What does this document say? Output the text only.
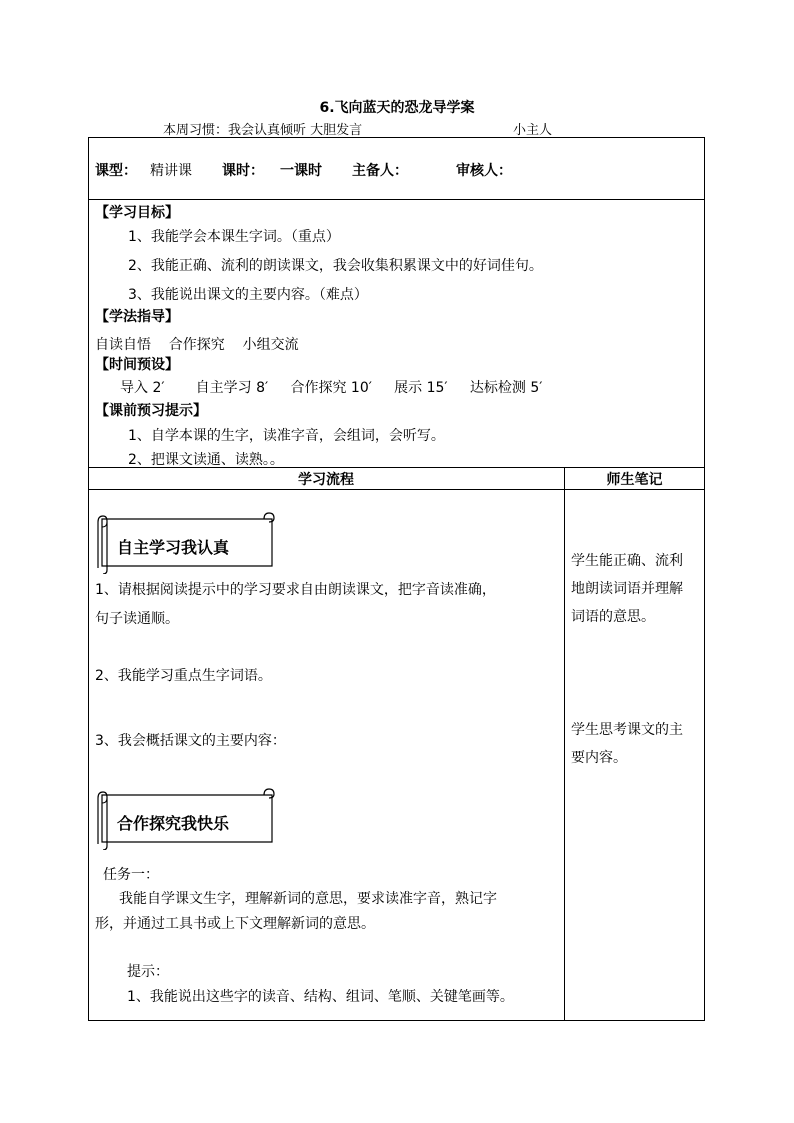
6.飞向蓝天的恐龙导学案
本周习惯：我会认真倾听 大胆发言	小主人
课型： 精讲课 课时： 一课时 主备人：	审核人：
【学习目标】
1、我能学会本课生字词。（重点）
2、我能正确、流利的朗读课文，我会收集积累课文中的好词佳句。
3、我能说出课文的主要内容。（难点）
【学法指导】
自读自悟    合作探究    小组交流
【时间预设】
导入 2′       自主学习 8′     合作探究 10′     展示 15′     达标检测 5′
【课前预习提示】
1、自学本课的生字，读准字音，会组词，会听写。
2、把课文读通、读熟。。
学习流程	师生笔记
自主学习我认真
1、请根据阅读提示中的学习要求自由朗读课文，把字音读准确，
句子读通顺。
2、我能学习重点生字词语。
3、我会概括课文的主要内容：
合作探究我快乐
任务一：
我能自学课文生字，理解新词的意思，要求读准字音，熟记字
形，并通过工具书或上下文理解新词的意思。
提示：
1、我能说出这些字的读音、结构、组词、笔顺、关键笔画等。
学生能正确、流利地朗读词语并理解词语的意思。
学生思考课文的主要内容。
